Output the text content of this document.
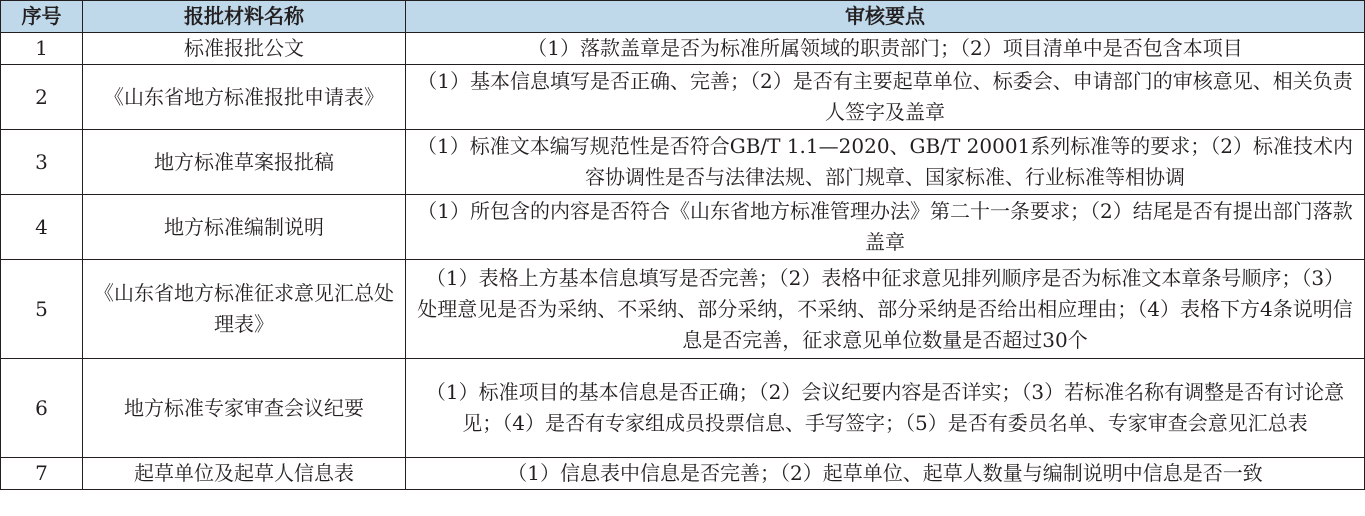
序号	报批材料名称	审核要点
1	标准报批公文	（1）落款盖章是否为标准所属领域的职责部门；（2）项目清单中是否包含本项目
2	《山东省地方标准报批申请表》	（1）基本信息填写是否正确、完善；（2）是否有主要起草单位、标委会、申请部门的审核意见、相关负责人签字及盖章
3	地方标准草案报批稿	（1）标准文本编写规范性是否符合GB/T 1.1—2020、GB/T 20001系列标准等的要求；（2）标准技术内容协调性是否与法律法规、部门规章、国家标准、行业标准等相协调
4	地方标准编制说明	（1）所包含的内容是否符合《山东省地方标准管理办法》第二十一条要求；（2）结尾是否有提出部门落款盖章
5	《山东省地方标准征求意见汇总处理表》	（1）表格上方基本信息填写是否完善；（2）表格中征求意见排列顺序是否为标准文本章条号顺序；（3）处理意见是否为采纳、不采纳、部分采纳，不采纳、部分采纳是否给出相应理由；（4）表格下方4条说明信息是否完善，征求意见单位数量是否超过30个
6	地方标准专家审查会议纪要	（1）标准项目的基本信息是否正确；（2）会议纪要内容是否详实；（3）若标准名称有调整是否有讨论意见；（4）是否有专家组成员投票信息、手写签字；（5）是否有委员名单、专家审查会意见汇总表
7	起草单位及起草人信息表	（1）信息表中信息是否完善；（2）起草单位、起草人数量与编制说明中信息是否一致
